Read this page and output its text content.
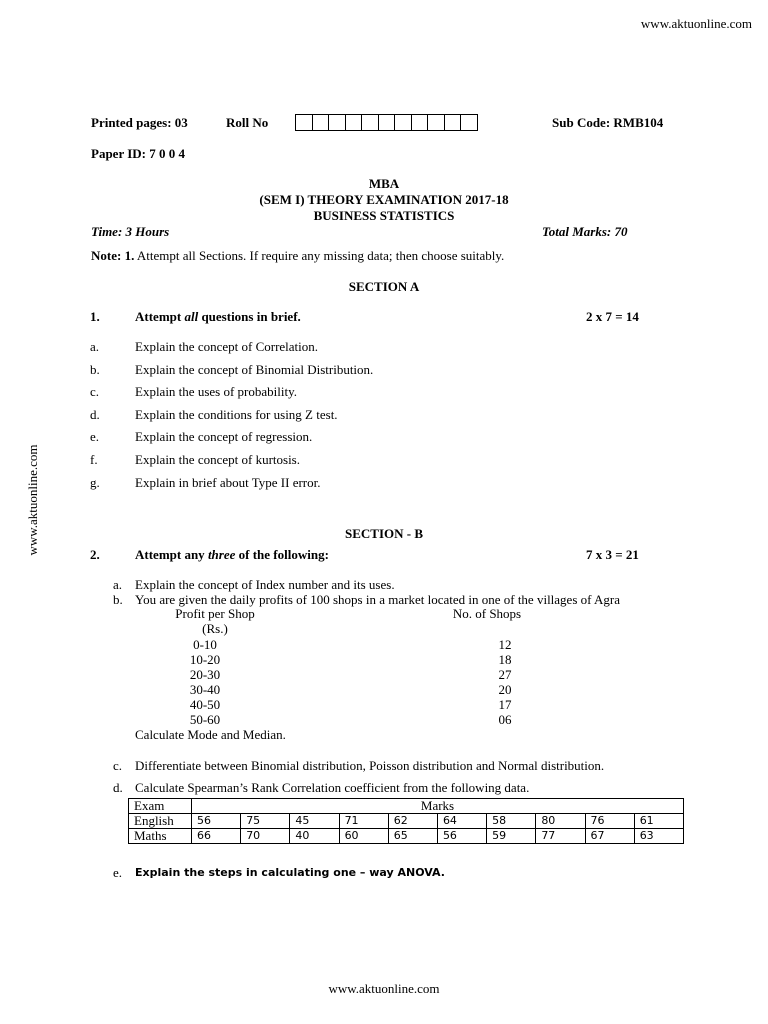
www.aktuonline.com
www.aktuonline.com
Printed pages: 03	Roll No	Sub Code: RMB104
Paper ID: 7 0 0 4
MBA
(SEM I) THEORY EXAMINATION 2017-18
BUSINESS STATISTICS
Time: 3 Hours	Total Marks: 70
Note: 1. Attempt all Sections. If require any missing data; then choose suitably.
SECTION A
1.	Attempt all questions in brief.	2 x 7 = 14
a.	Explain the concept of Correlation.
b.	Explain the concept of Binomial Distribution.
c.	Explain the uses of probability.
d.	Explain the conditions for using Z test.
e.	Explain the concept of regression.
f.	Explain the concept of kurtosis.
g.	Explain in brief about Type II error.
SECTION - B
2.	Attempt any three of the following:	7 x 3 = 21
a. Explain the concept of Index number and its uses.
b. You are given the daily profits of 100 shops in a market located in one of the villages of Agra
Profit per Shop
(Rs.)
No. of Shops
0-10	12
10-20	18
20-30	27
30-40	20
40-50	17
50-60	06
Calculate Mode and Median.
c. Differentiate between Binomial distribution, Poisson distribution and Normal distribution.
d. Calculate Spearman’s Rank Correlation coefficient from the following data.
Exam	Marks									
English	56	75	45	71	62	64	58	80	76	61
Maths	66	70	40	60	65	56	59	77	67	63
e. Explain the steps in calculating one – way ANOVA.
www.aktuonline.com
